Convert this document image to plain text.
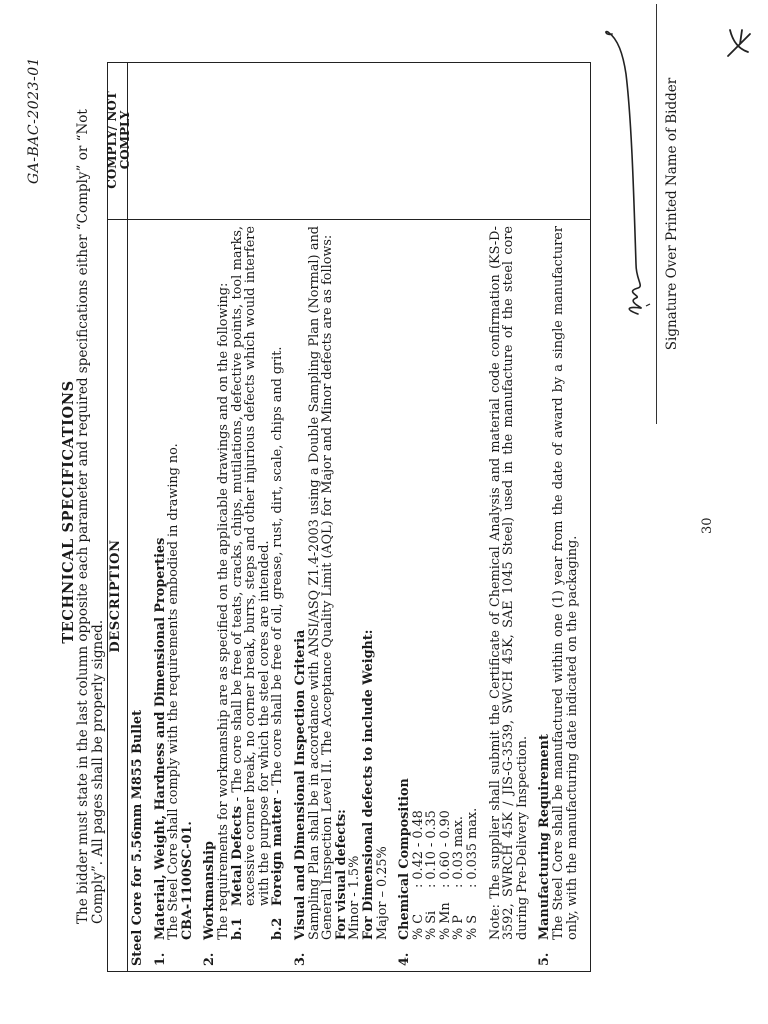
GA-BAC-2023-01
TECHNICAL SPECIFICATIONS
The bidder must state in the last column opposite each parameter and required specifications either “Comply” or “Not Comply”. All pages shall be properly signed.
DESCRIPTION
COMPLY/ NOT COMPLY
Steel Core for 5.56mm M855 Bullet 1.
Material, Weight, Hardness and Dimensional Properties
The Steel Core shall comply with the requirements embodied in drawing no.
CBA-1100SC-01.
2.
Workmanship
The requirements for workmanship are as specified on the applicable drawings and on the following:
b.1
Metal Defects - The core shall be free of teats, cracks, chips, mutilations, defective points, tool marks, excessive corner break, no corner break, burrs, steps and other injurious defects which would interfere with the purpose for which the steel cores are intended.
b.2
Foreign matter - The core shall be free of oil, grease, rust, dirt, scale, chips and grit.
3.
Visual and Dimensional Inspection Criteria
Sampling Plan shall be in accordance with ANSI/ASQ Z1.4-2003 using a Double Sampling Plan (Normal) and General Inspection Level II. The Acceptance Quality Limit (AQL) for Major and Minor defects are as follows:
For visual defects:
Minor - 1.5%
For Dimensional defects to include Weight:
Major – 0.25%
4.
Chemical Composition
% C
: 0.42 - 0.48
% Si
: 0.10 - 0.35
% Mn
: 0.60 - 0.90
% P
: 0.03 max.
% S
: 0.035 max. Note: The supplier shall submit the Certificate of Chemical Analysis and material code confirmation (KS-D-3592, SWRCH 45K / JIS-G-3539, SWCH 45K, SAE 1045 Steel) used in the manufacture of the steel core during Pre-Delivery Inspection.
5.
Manufacturing Requirement
The Steel Core shall be manufactured within one (1) year from the date of award by a single manufacturer only, with the manufacturing date indicated on the packaging.
Signature Over Printed Name of Bidder
30
